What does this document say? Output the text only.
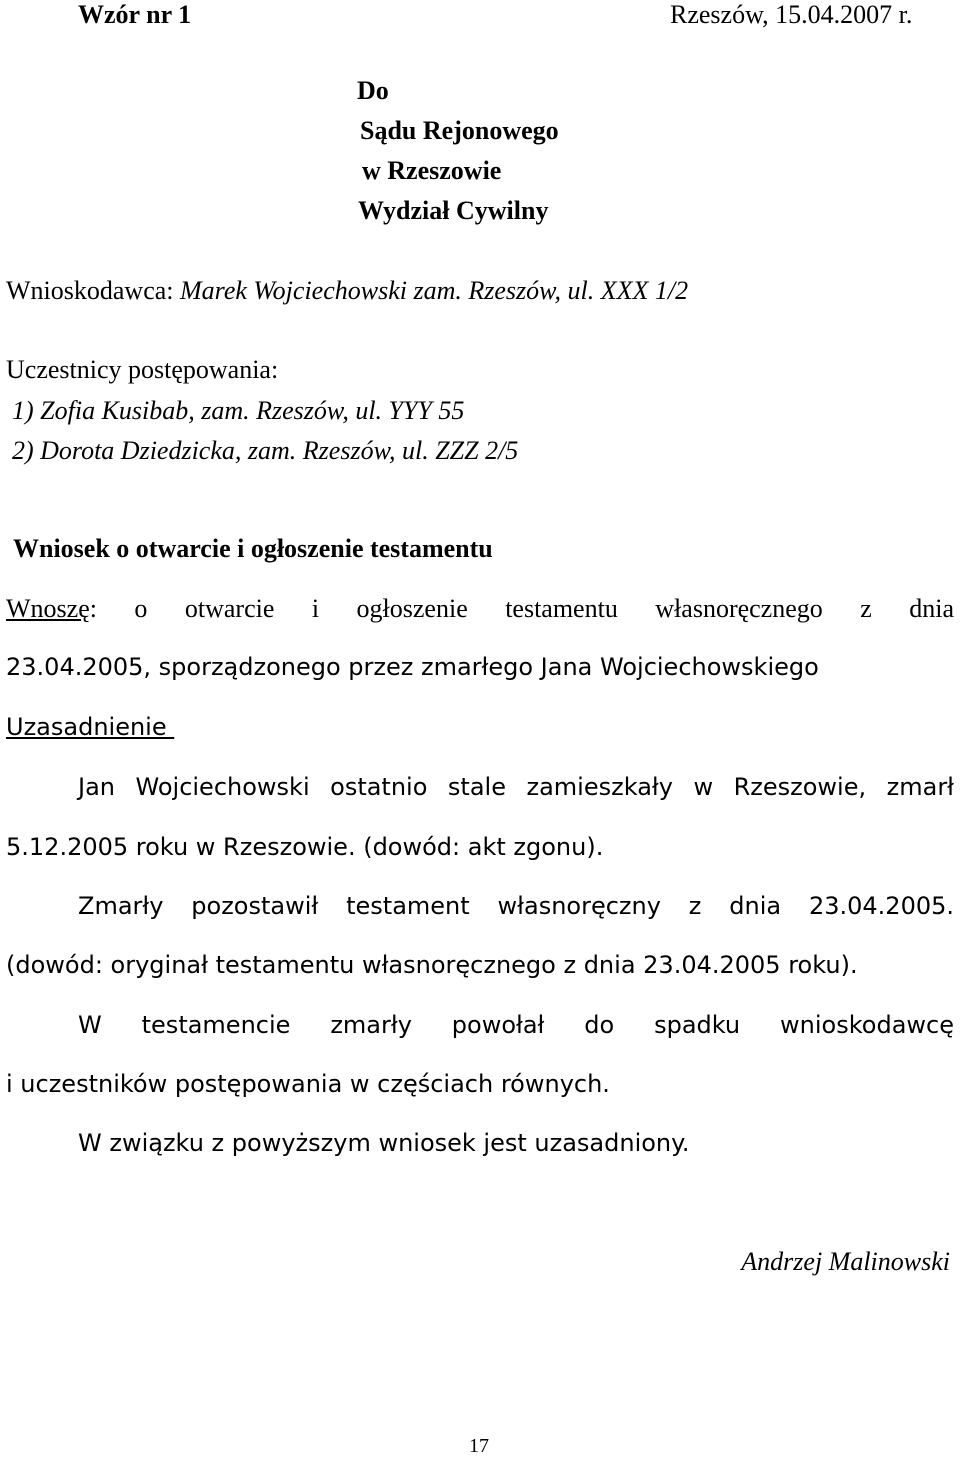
Wzór nr 1	Rzeszów, 15.04.2007 r.
Do
Sądu Rejonowego
w Rzeszowie
Wydział Cywilny
Wnioskodawca: Marek Wojciechowski zam. Rzeszów, ul. XXX 1/2
Uczestnicy postępowania:
1) Zofia Kusibab, zam. Rzeszów, ul. YYY 55
2) Dorota Dziedzicka, zam. Rzeszów, ul. ZZZ 2/5
Wniosek o otwarcie i ogłoszenie testamentu
Wnoszę: o otwarcie i ogłoszenie testamentu własnoręcznego z dnia
23.04.2005, sporządzonego przez zmarłego Jana Wojciechowskiego
Uzasadnienie
Jan Wojciechowski ostatnio stale zamieszkały w Rzeszowie, zmarł
5.12.2005 roku w Rzeszowie. (dowód: akt zgonu).
Zmarły pozostawił testament własnoręczny z dnia 23.04.2005.
(dowód: oryginał testamentu własnoręcznego z dnia 23.04.2005 roku).
W testamencie zmarły powołał do spadku wnioskodawcę
i uczestników postępowania w częściach równych.
W związku z powyższym wniosek jest uzasadniony.
Andrzej Malinowski
17
